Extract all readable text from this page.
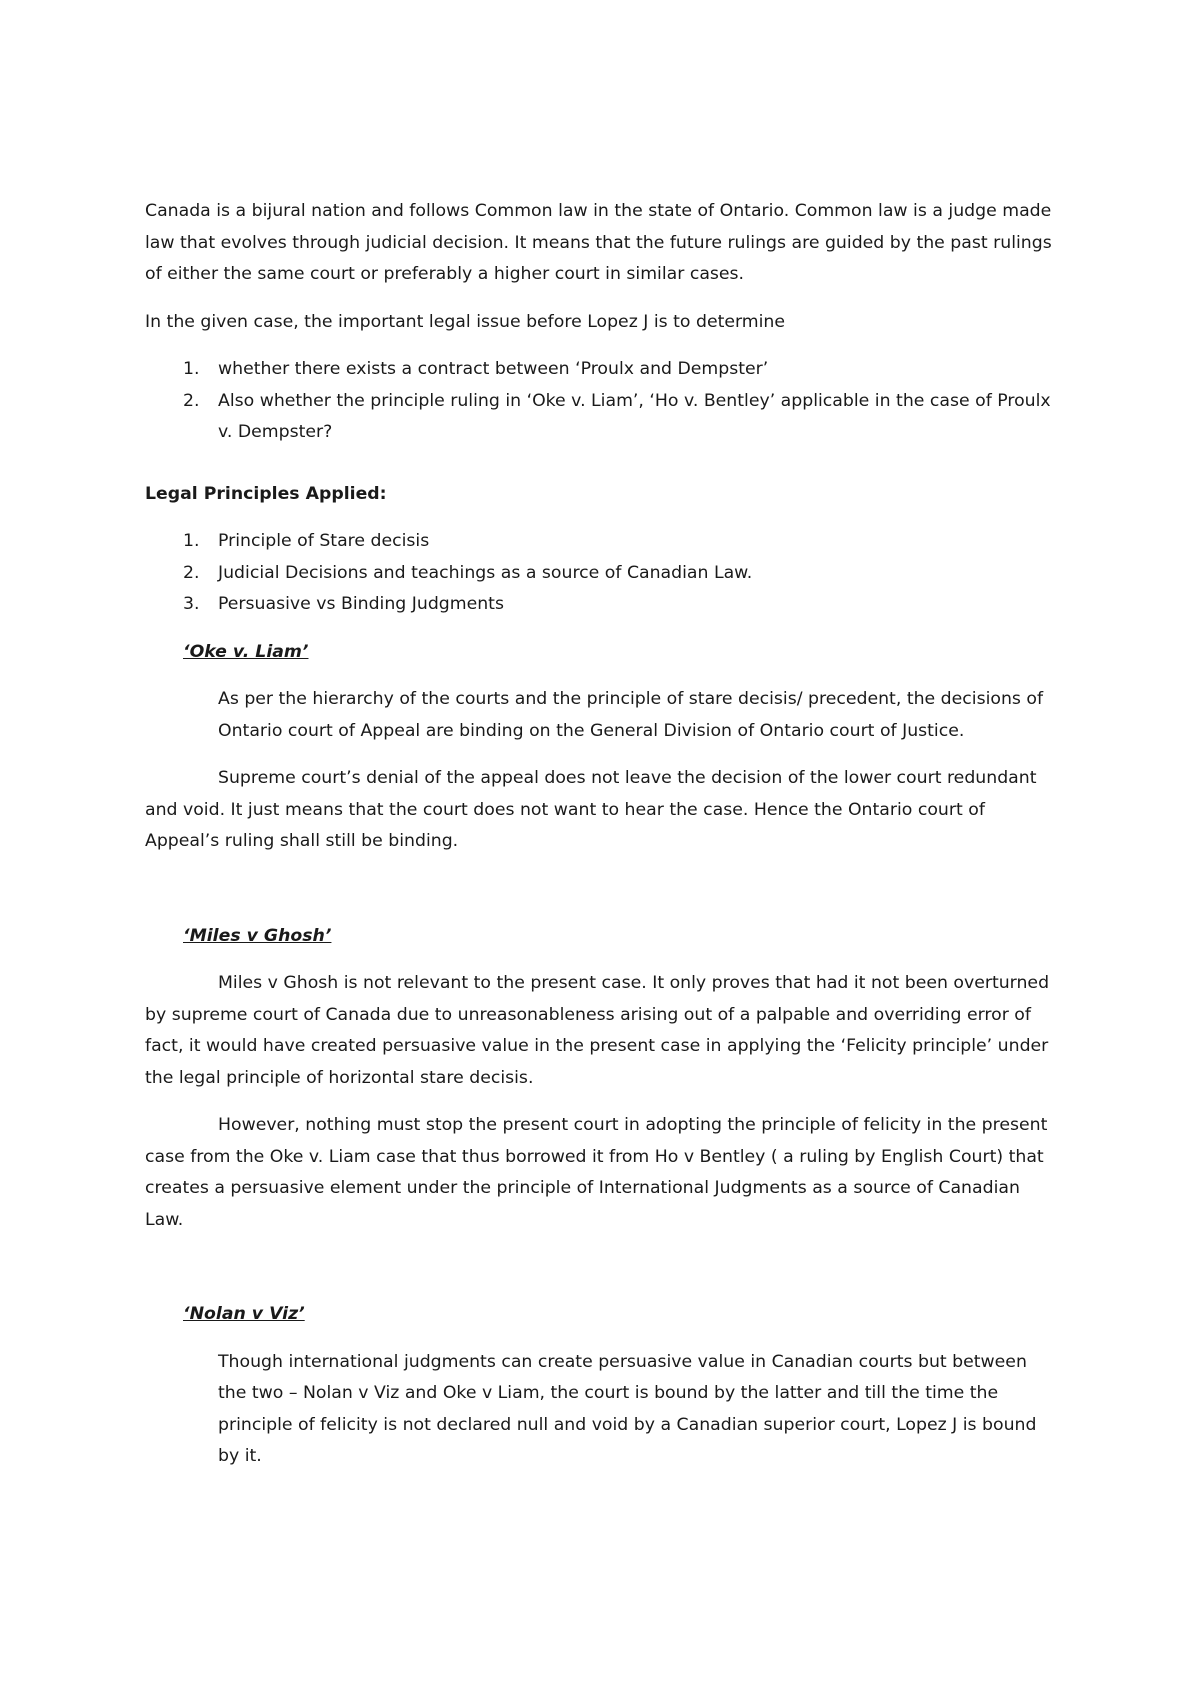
Canada is a bijural nation and follows Common law in the state of Ontario. Common law is a judge made law that evolves through judicial decision. It means that the future rulings are guided by the past rulings of either the same court or preferably a higher court in similar cases.

In the given case, the important legal issue before Lopez J is to determine

1. whether there exists a contract between ‘Proulx and Dempster’
2. Also whether the principle ruling in ‘Oke v. Liam’, ‘Ho v. Bentley’ applicable in the case of Proulx v. Dempster?

Legal Principles Applied:

1. Principle of Stare decisis
2. Judicial Decisions and teachings as a source of Canadian Law.
3. Persuasive vs Binding Judgments

‘Oke v. Liam’

As per the hierarchy of the courts and the principle of stare decisis/ precedent, the decisions of Ontario court of Appeal are binding on the General Division of Ontario court of Justice.

Supreme court’s denial of the appeal does not leave the decision of the lower court redundant and void. It just means that the court does not want to hear the case. Hence the Ontario court of Appeal’s ruling shall still be binding.

‘Miles v Ghosh’

Miles v Ghosh is not relevant to the present case. It only proves that had it not been overturned by supreme court of Canada due to unreasonableness arising out of a palpable and overriding error of fact, it would have created persuasive value in the present case in applying the ‘Felicity principle’ under the legal principle of horizontal stare decisis.

However, nothing must stop the present court in adopting the principle of felicity in the present case from the Oke v. Liam case that thus borrowed it from Ho v Bentley ( a ruling by English Court) that creates a persuasive element under the principle of International Judgments as a source of Canadian Law.

‘Nolan v Viz’

Though international judgments can create persuasive value in Canadian courts but between the two – Nolan v Viz and Oke v Liam, the court is bound by the latter and till the time the principle of felicity is not declared null and void by a Canadian superior court, Lopez J is bound by it.
